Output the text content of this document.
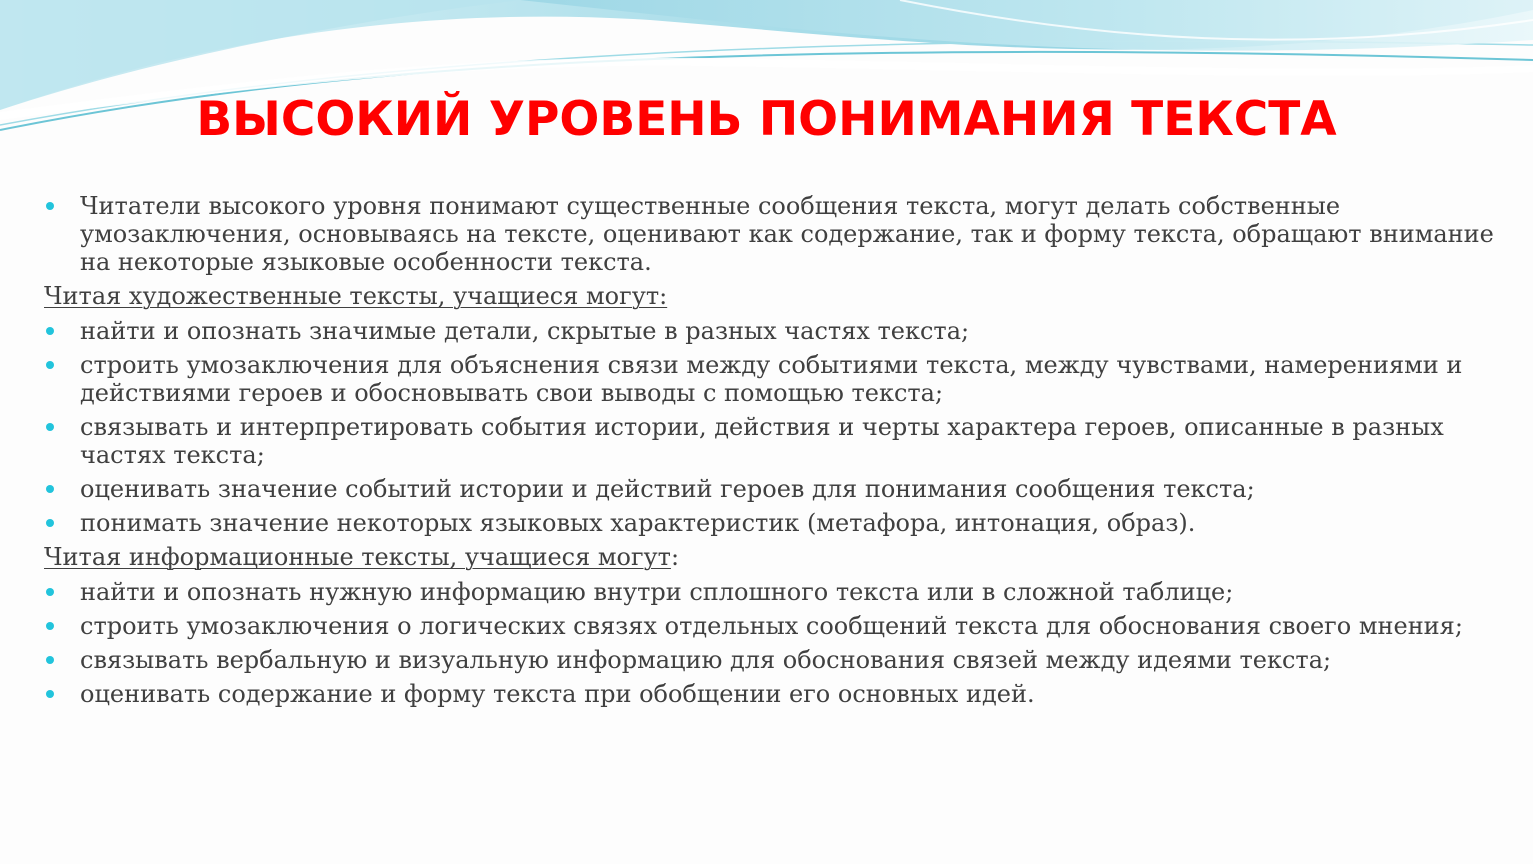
ВЫСОКИЙ УРОВЕНЬ ПОНИМАНИЯ ТЕКСТА
Читатели высокого уровня понимают существенные сообщения текста, могут делать собственные умозаключения, основываясь на тексте, оценивают как содержание, так и форму текста, обращают внимание на некоторые языковые особенности текста.
Читая художественные тексты, учащиеся могут:
найти и опознать значимые детали, скрытые в разных частях текста;
строить умозаключения для объяснения связи между событиями текста, между чувствами, намерениями и действиями героев и обосновывать свои выводы с помощью текста;
связывать и интерпретировать события истории, действия и черты характера героев, описанные в разных частях текста;
оценивать значение событий истории и действий героев для понимания сообщения текста;
понимать значение некоторых языковых характеристик (метафора, интонация, образ).
Читая информационные тексты, учащиеся могут:
найти и опознать нужную информацию внутри сплошного текста или в сложной таблице;
строить умозаключения о логических связях отдельных сообщений текста для обоснования своего мнения;
связывать вербальную и визуальную информацию для обоснования связей между идеями текста;
оценивать содержание и форму текста при обобщении его основных идей.
